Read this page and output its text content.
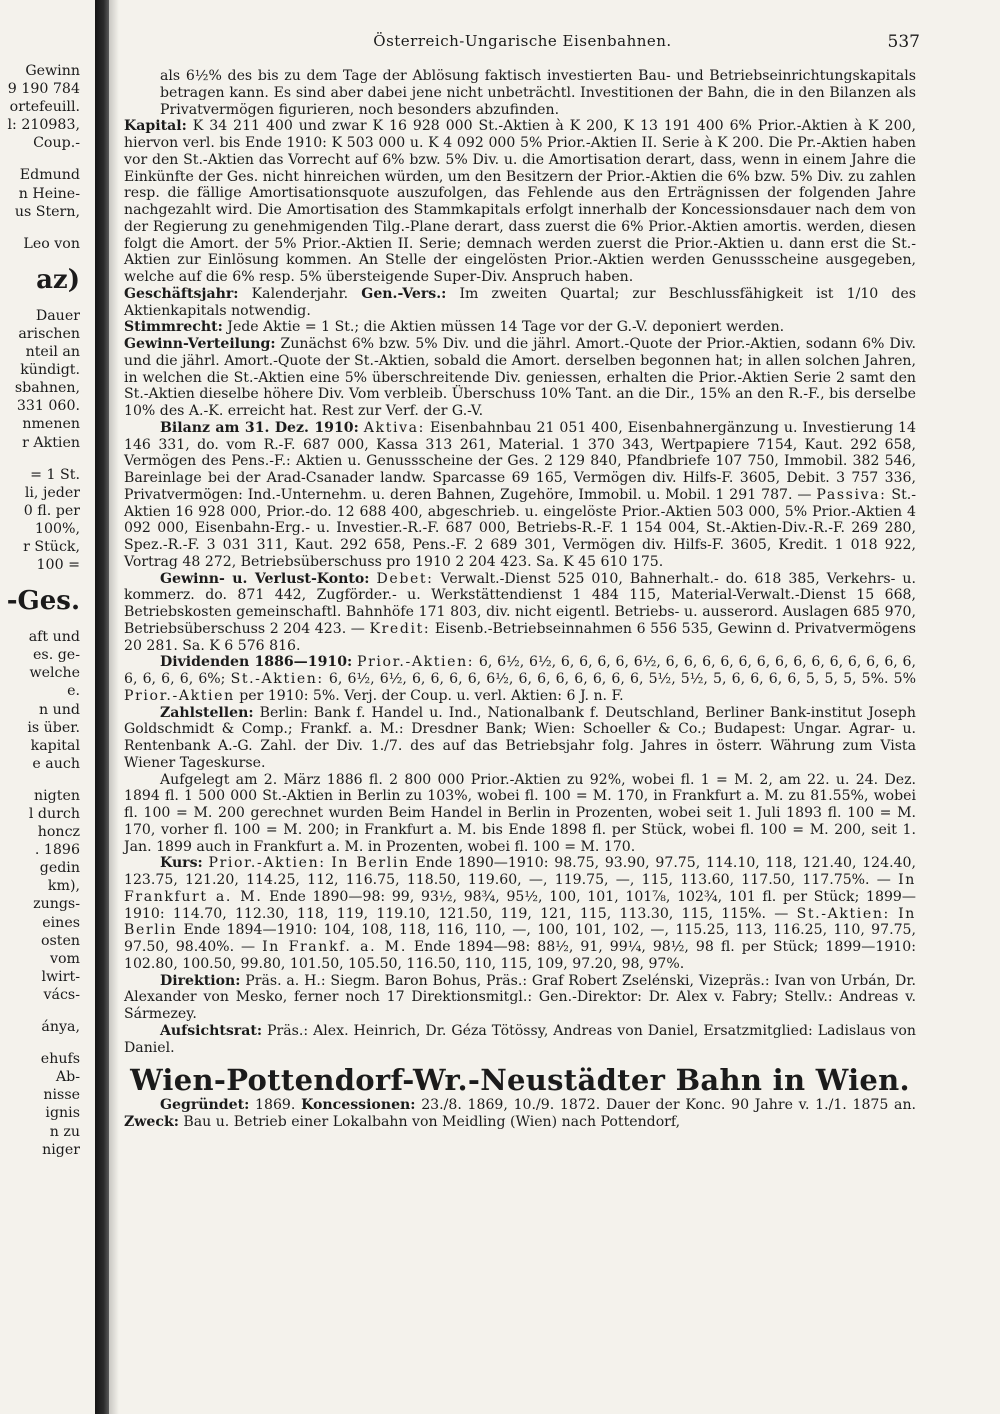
Gewinn
9 190 784
ortefeuill.
l: 210983,
Coup.-
Edmund
n Heine-
us Stern,
Leo von
az)
Dauer
arischen
nteil an
kündigt.
sbahnen,
331 060.
nmenen
r Aktien
= 1 St.
li, jeder
0 fl. per
100%,
r Stück,
100 =
-Ges.
aft und
es. ge-
welche
e.
n und
is über.
kapital
e auch
nigten
l durch
honcz
. 1896
gedin
km),
zungs-
eines
osten
vom
lwirt-
vács-
ánya,
ehufs
Ab-
nisse
ignis
n zu
niger
Österreich-Ungarische Eisenbahnen.	537

als 6½% des bis zu dem Tage der Ablösung faktisch investierten Bau- und Betriebseinrichtungskapitals betragen kann. Es sind aber dabei jene nicht unbeträchtl. Investitionen der Bahn, die in den Bilanzen als Privatvermögen figurieren, noch besonders abzufinden.

Kapital: K 34 211 400 und zwar K 16 928 000 St.-Aktien à K 200, K 13 191 400 6% Prior.-Aktien à K 200, hiervon verl. bis Ende 1910: K 503 000 u. K 4 092 000 5% Prior.-Aktien II. Serie à K 200. Die Pr.-Aktien haben vor den St.-Aktien das Vorrecht auf 6% bzw. 5% Div. u. die Amortisation derart, dass, wenn in einem Jahre die Einkünfte der Ges. nicht hinreichen würden, um den Besitzern der Prior.-Aktien die 6% bzw. 5% Div. zu zahlen resp. die fällige Amortisationsquote auszufolgen, das Fehlende aus den Erträgnissen der folgenden Jahre nachgezahlt wird. Die Amortisation des Stammkapitals erfolgt innerhalb der Koncessionsdauer nach dem von der Regierung zu genehmigenden Tilg.-Plane derart, dass zuerst die 6% Prior.-Aktien amortis. werden, diesen folgt die Amort. der 5% Prior.-Aktien II. Serie; demnach werden zuerst die Prior.-Aktien u. dann erst die St.-Aktien zur Einlösung kommen. An Stelle der eingelösten Prior.-Aktien werden Genussscheine ausgegeben, welche auf die 6% resp. 5% übersteigende Super-Div. Anspruch haben.

Geschäftsjahr: Kalenderjahr. Gen.-Vers.: Im zweiten Quartal; zur Beschlussfähigkeit ist 1/10 des Aktienkapitals notwendig.

Stimmrecht: Jede Aktie = 1 St.; die Aktien müssen 14 Tage vor der G.-V. deponiert werden.

Gewinn-Verteilung: Zunächst 6% bzw. 5% Div. und die jährl. Amort.-Quote der Prior.-Aktien, sodann 6% Div. und die jährl. Amort.-Quote der St.-Aktien, sobald die Amort. derselben begonnen hat; in allen solchen Jahren, in welchen die St.-Aktien eine 5% überschreitende Div. geniessen, erhalten die Prior.-Aktien Serie 2 samt den St.-Aktien dieselbe höhere Div. Vom verbleib. Überschuss 10% Tant. an die Dir., 15% an den R.-F., bis derselbe 10% des A.-K. erreicht hat. Rest zur Verf. der G.-V.

Bilanz am 31. Dez. 1910: Aktiva: Eisenbahnbau 21 051 400, Eisenbahnergänzung u. Investierung 14 146 331, do. vom R.-F. 687 000, Kassa 313 261, Material. 1 370 343, Wertpapiere 7154, Kaut. 292 658, Vermögen des Pens.-F.: Aktien u. Genussscheine der Ges. 2 129 840, Pfandbriefe 107 750, Immobil. 382 546, Bareinlage bei der Arad-Csanader landw. Sparcasse 69 165, Vermögen div. Hilfs-F. 3605, Debit. 3 757 336, Privatvermögen: Ind.-Unternehm. u. deren Bahnen, Zugehöre, Immobil. u. Mobil. 1 291 787. — Passiva: St.-Aktien 16 928 000, Prior.-do. 12 688 400, abgeschrieb. u. eingelöste Prior.-Aktien 503 000, 5% Prior.-Aktien 4 092 000, Eisenbahn-Erg.- u. Investier.-R.-F. 687 000, Betriebs-R.-F. 1 154 004, St.-Aktien-Div.-R.-F. 269 280, Spez.-R.-F. 3 031 311, Kaut. 292 658, Pens.-F. 2 689 301, Vermögen div. Hilfs-F. 3605, Kredit. 1 018 922, Vortrag 48 272, Betriebsüberschuss pro 1910 2 204 423. Sa. K 45 610 175.

Gewinn- u. Verlust-Konto: Debet: Verwalt.-Dienst 525 010, Bahnerhalt.- do. 618 385, Verkehrs- u. kommerz. do. 871 442, Zugförder.- u. Werkstättendienst 1 484 115, Material-Verwalt.-Dienst 15 668, Betriebskosten gemeinschaftl. Bahnhöfe 171 803, div. nicht eigentl. Betriebs- u. ausserord. Auslagen 685 970, Betriebsüberschuss 2 204 423. — Kredit: Eisenb.-Betriebseinnahmen 6 556 535, Gewinn d. Privatvermögens 20 281. Sa. K 6 576 816.

Dividenden 1886—1910: Prior.-Aktien: 6, 6½, 6½, 6, 6, 6, 6, 6½, 6, 6, 6, 6, 6, 6, 6, 6, 6, 6, 6, 6, 6, 6, 6, 6, 6, 6, 6%; St.-Aktien: 6, 6½, 6½, 6, 6, 6, 6, 6½, 6, 6, 6, 6, 6, 6, 6, 5½, 5½, 5, 6, 6, 6, 6, 5, 5, 5, 5%. 5% Prior.-Aktien per 1910: 5%. Verj. der Coup. u. verl. Aktien: 6 J. n. F.

Zahlstellen: Berlin: Bank f. Handel u. Ind., Nationalbank f. Deutschland, Berliner Bank-institut Joseph Goldschmidt & Comp.; Frankf. a. M.: Dresdner Bank; Wien: Schoeller & Co.; Budapest: Ungar. Agrar- u. Rentenbank A.-G. Zahl. der Div. 1./7. des auf das Betriebsjahr folg. Jahres in österr. Währung zum Vista Wiener Tageskurse.

Aufgelegt am 2. März 1886 fl. 2 800 000 Prior.-Aktien zu 92%, wobei fl. 1 = M. 2, am 22. u. 24. Dez. 1894 fl. 1 500 000 St.-Aktien in Berlin zu 103%, wobei fl. 100 = M. 170, in Frankfurt a. M. zu 81.55%, wobei fl. 100 = M. 200 gerechnet wurden Beim Handel in Berlin in Prozenten, wobei seit 1. Juli 1893 fl. 100 = M. 170, vorher fl. 100 = M. 200; in Frankfurt a. M. bis Ende 1898 fl. per Stück, wobei fl. 100 = M. 200, seit 1. Jan. 1899 auch in Frankfurt a. M. in Prozenten, wobei fl. 100 = M. 170.

Kurs: Prior.-Aktien: In Berlin Ende 1890—1910: 98.75, 93.90, 97.75, 114.10, 118, 121.40, 124.40, 123.75, 121.20, 114.25, 112, 116.75, 118.50, 119.60, —, 119.75, —, 115, 113.60, 117.50, 117.75%. — In Frankfurt a. M. Ende 1890—98: 99, 93½, 98¾, 95½, 100, 101, 101⅞, 102¾, 101 fl. per Stück; 1899—1910: 114.70, 112.30, 118, 119, 119.10, 121.50, 119, 121, 115, 113.30, 115, 115%. — St.-Aktien: In Berlin Ende 1894—1910: 104, 108, 118, 116, 110, —, 100, 101, 102, —, 115.25, 113, 116.25, 110, 97.75, 97.50, 98.40%. — In Frankf. a. M. Ende 1894—98: 88½, 91, 99¼, 98½, 98 fl. per Stück; 1899—1910: 102.80, 100.50, 99.80, 101.50, 105.50, 116.50, 110, 115, 109, 97.20, 98, 97%.

Direktion: Präs. a. H.: Siegm. Baron Bohus, Präs.: Graf Robert Zselénski, Vizepräs.: Ivan von Urbán, Dr. Alexander von Mesko, ferner noch 17 Direktionsmitgl.: Gen.-Direktor: Dr. Alex v. Fabry; Stellv.: Andreas v. Sármezey.

Aufsichtsrat: Präs.: Alex. Heinrich, Dr. Géza Tötössy, Andreas von Daniel, Ersatzmitglied: Ladislaus von Daniel.

Wien-Pottendorf-Wr.-Neustädter Bahn in Wien.

Gegründet: 1869. Koncessionen: 23./8. 1869, 10./9. 1872. Dauer der Konc. 90 Jahre v. 1./1. 1875 an. Zweck: Bau u. Betrieb einer Lokalbahn von Meidling (Wien) nach Pottendorf,
